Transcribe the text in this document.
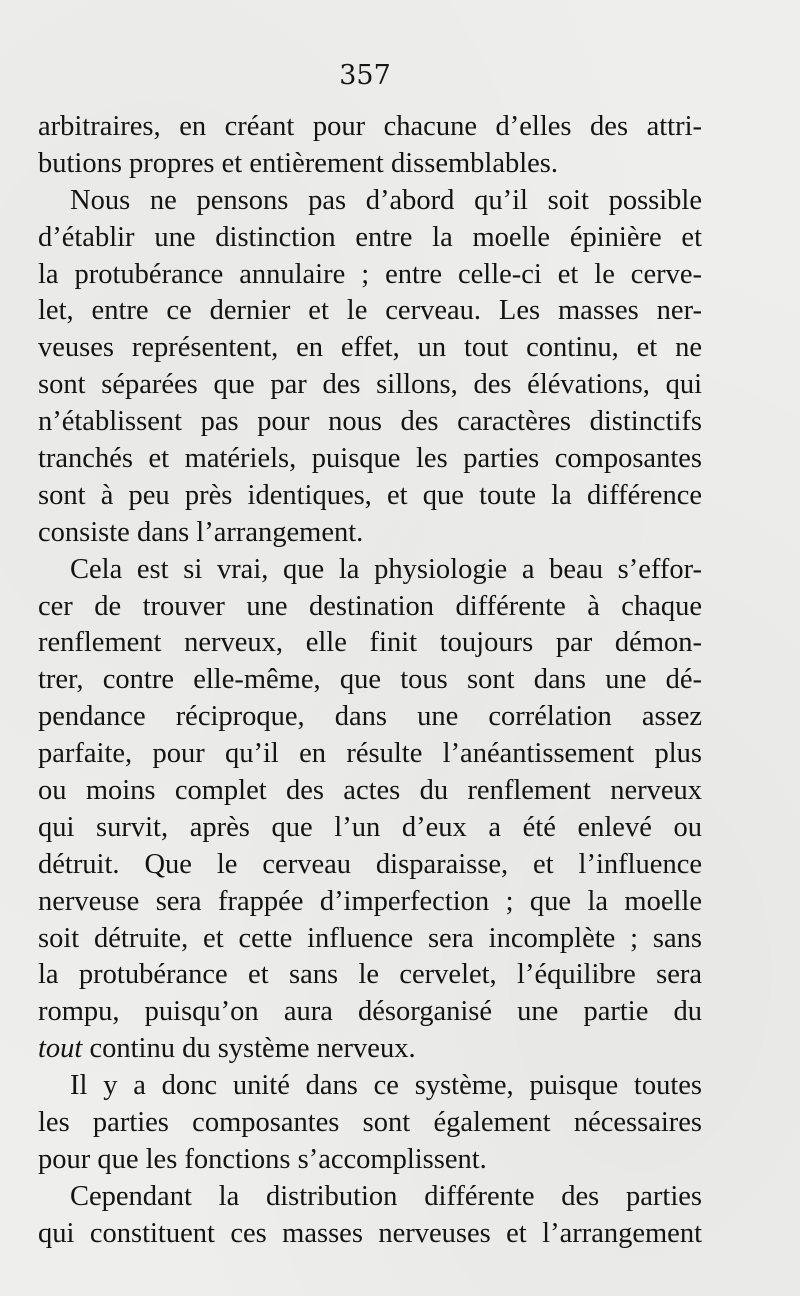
357
arbitraires, en créant pour chacune d’elles des attri-
butions propres et entièrement dissemblables.
Nous ne pensons pas d’abord qu’il soit possible
d’établir une distinction entre la moelle épinière et
la protubérance annulaire ; entre celle-ci et le cerve-
let, entre ce dernier et le cerveau. Les masses ner-
veuses représentent, en effet, un tout continu, et ne
sont séparées que par des sillons, des élévations, qui
n’établissent pas pour nous des caractères distinctifs
tranchés et matériels, puisque les parties composantes
sont à peu près identiques, et que toute la différence
consiste dans l’arrangement.
Cela est si vrai, que la physiologie a beau s’effor-
cer de trouver une destination différente à chaque
renflement nerveux, elle finit toujours par démon-
trer, contre elle-même, que tous sont dans une dé-
pendance réciproque, dans une corrélation assez
parfaite, pour qu’il en résulte l’anéantissement plus
ou moins complet des actes du renflement nerveux
qui survit, après que l’un d’eux a été enlevé ou
détruit. Que le cerveau disparaisse, et l’influence
nerveuse sera frappée d’imperfection ; que la moelle
soit détruite, et cette influence sera incomplète ; sans
la protubérance et sans le cervelet, l’équilibre sera
rompu, puisqu’on aura désorganisé une partie du
tout continu du système nerveux.
Il y a donc unité dans ce système, puisque toutes
les parties composantes sont également nécessaires
pour que les fonctions s’accomplissent.
Cependant la distribution différente des parties
qui constituent ces masses nerveuses et l’arrangement
